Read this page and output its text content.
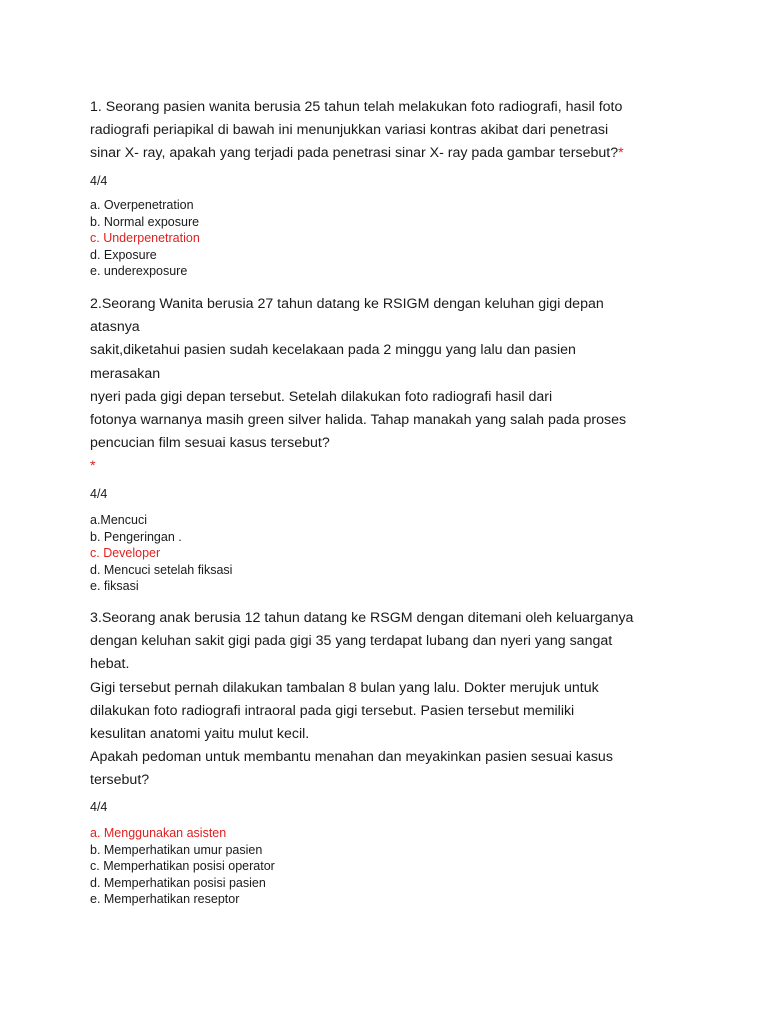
1. Seorang pasien wanita berusia 25 tahun telah melakukan foto radiografi, hasil foto
radiografi periapikal di bawah ini menunjukkan variasi kontras akibat dari penetrasi
sinar X- ray, apakah yang terjadi pada penetrasi sinar X- ray pada gambar tersebut?*

4/4

a. Overpenetration
b. Normal exposure
c. Underpenetration
d. Exposure
e. underexposure

2.Seorang Wanita berusia 27 tahun datang ke RSIGM dengan keluhan gigi depan
atasnya
sakit,diketahui pasien sudah kecelakaan pada 2 minggu yang lalu dan pasien
merasakan
nyeri pada gigi depan tersebut. Setelah dilakukan foto radiografi hasil dari
fotonya warnanya masih green silver halida. Tahap manakah yang salah pada proses
pencucian film sesuai kasus tersebut?
*

4/4

a.Mencuci
b. Pengeringan .
c. Developer
d. Mencuci setelah fiksasi
e. fiksasi

3.Seorang anak berusia 12 tahun datang ke RSGM dengan ditemani oleh keluarganya
dengan keluhan sakit gigi pada gigi 35 yang terdapat lubang dan nyeri yang sangat
hebat.
Gigi tersebut pernah dilakukan tambalan 8 bulan yang lalu. Dokter merujuk untuk
dilakukan foto radiografi intraoral pada gigi tersebut. Pasien tersebut memiliki
kesulitan anatomi yaitu mulut kecil.
Apakah pedoman untuk membantu menahan dan meyakinkan pasien sesuai kasus
tersebut?

4/4

a. Menggunakan asisten
b. Memperhatikan umur pasien
c. Memperhatikan posisi operator
d. Memperhatikan posisi pasien
e. Memperhatikan reseptor
